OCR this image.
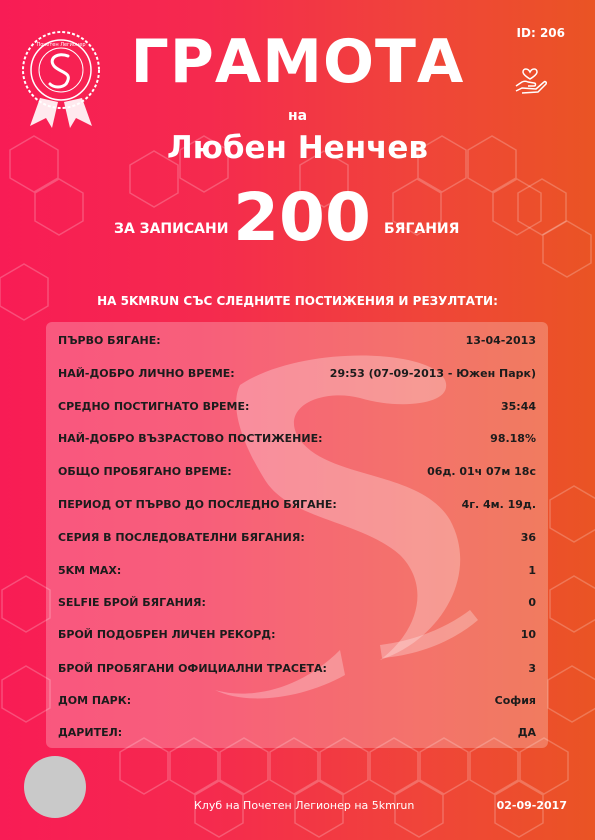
Почетен Легионер
ID: 206
ГРАМОТА
на
Любен Ненчев
ЗА ЗАПИСАНИ 200 БЯГАНИЯ
НА 5KMRUN СЪС СЛЕДНИТЕ ПОСТИЖЕНИЯ И РЕЗУЛТАТИ:
ПЪРВО БЯГАНЕ:	13-04-2013
НАЙ-ДОБРО ЛИЧНО ВРЕМЕ:	29:53 (07-09-2013 - Южен Парк)
СРЕДНО ПОСТИГНАТО ВРЕМЕ:	35:44
НАЙ-ДОБРО ВЪЗРАСТОВО ПОСТИЖЕНИЕ:	98.18%
ОБЩО ПРОБЯГАНО ВРЕМЕ:	06д. 01ч 07м 18с
ПЕРИОД ОТ ПЪРВО ДО ПОСЛЕДНО БЯГАНЕ:	4г. 4м. 19д.
СЕРИЯ В ПОСЛЕДОВАТЕЛНИ БЯГАНИЯ:	36
5KM MAX:	1
SELFIE БРОЙ БЯГАНИЯ:	0
БРОЙ ПОДОБРЕН ЛИЧЕН РЕКОРД:	10
БРОЙ ПРОБЯГАНИ ОФИЦИАЛНИ ТРАСЕТА:	3
ДОМ ПАРК:	София
ДАРИТЕЛ:	ДА
Клуб на Почетен Легионер на 5kmrun	02-09-2017
